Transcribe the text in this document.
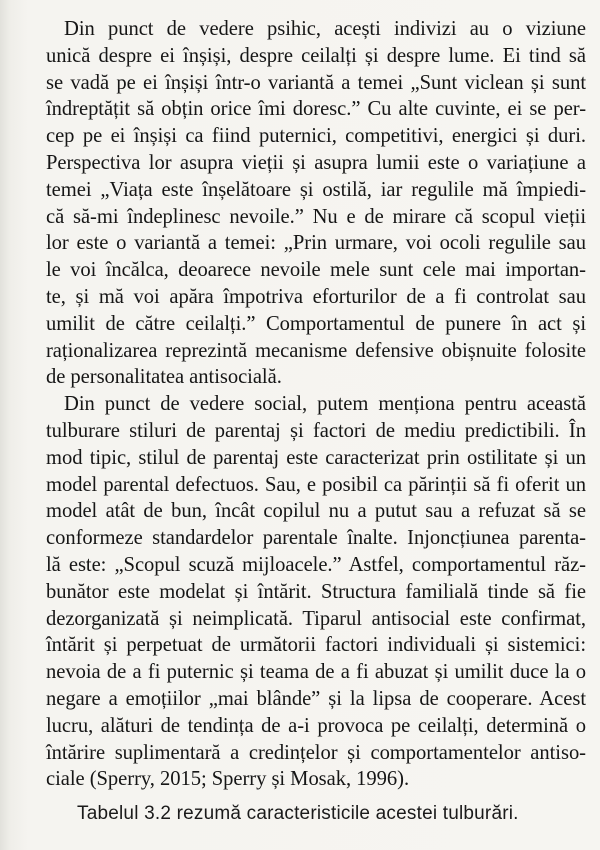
Din punct de vedere psihic, acești indivizi au o viziune
unică despre ei înșiși, despre ceilalți și despre lume. Ei tind să
se vadă pe ei înșiși într-o variantă a temei „Sunt viclean și sunt
îndreptățit să obțin orice îmi doresc.” Cu alte cuvinte, ei se per-
cep pe ei înșiși ca fiind puternici, competitivi, energici și duri.
Perspectiva lor asupra vieții și asupra lumii este o variațiune a
temei „Viața este înșelătoare și ostilă, iar regulile mă împiedi-
că să-mi îndeplinesc nevoile.” Nu e de mirare că scopul vieții
lor este o variantă a temei: „Prin urmare, voi ocoli regulile sau
le voi încălca, deoarece nevoile mele sunt cele mai importan-
te, și mă voi apăra împotriva eforturilor de a fi controlat sau
umilit de către ceilalți.” Comportamentul de punere în act și
raționalizarea reprezintă mecanisme defensive obișnuite folosite
de personalitatea antisocială.
Din punct de vedere social, putem menționa pentru această
tulburare stiluri de parentaj și factori de mediu predictibili. În
mod tipic, stilul de parentaj este caracterizat prin ostilitate și un
model parental defectuos. Sau, e posibil ca părinții să fi oferit un
model atât de bun, încât copilul nu a putut sau a refuzat să se
conformeze standardelor parentale înalte. Injoncțiunea parenta-
lă este: „Scopul scuză mijloacele.” Astfel, comportamentul răz-
bunător este modelat și întărit. Structura familială tinde să fie
dezorganizată și neimplicată. Tiparul antisocial este confirmat,
întărit și perpetuat de următorii factori individuali și sistemici:
nevoia de a fi puternic și teama de a fi abuzat și umilit duce la o
negare a emoțiilor „mai blânde” și la lipsa de cooperare. Acest
lucru, alături de tendința de a-i provoca pe ceilalți, determină o
întărire suplimentară a credințelor și comportamentelor antiso-
ciale (Sperry, 2015; Sperry și Mosak, 1996).
Tabelul 3.2 rezumă caracteristicile acestei tulburări.
